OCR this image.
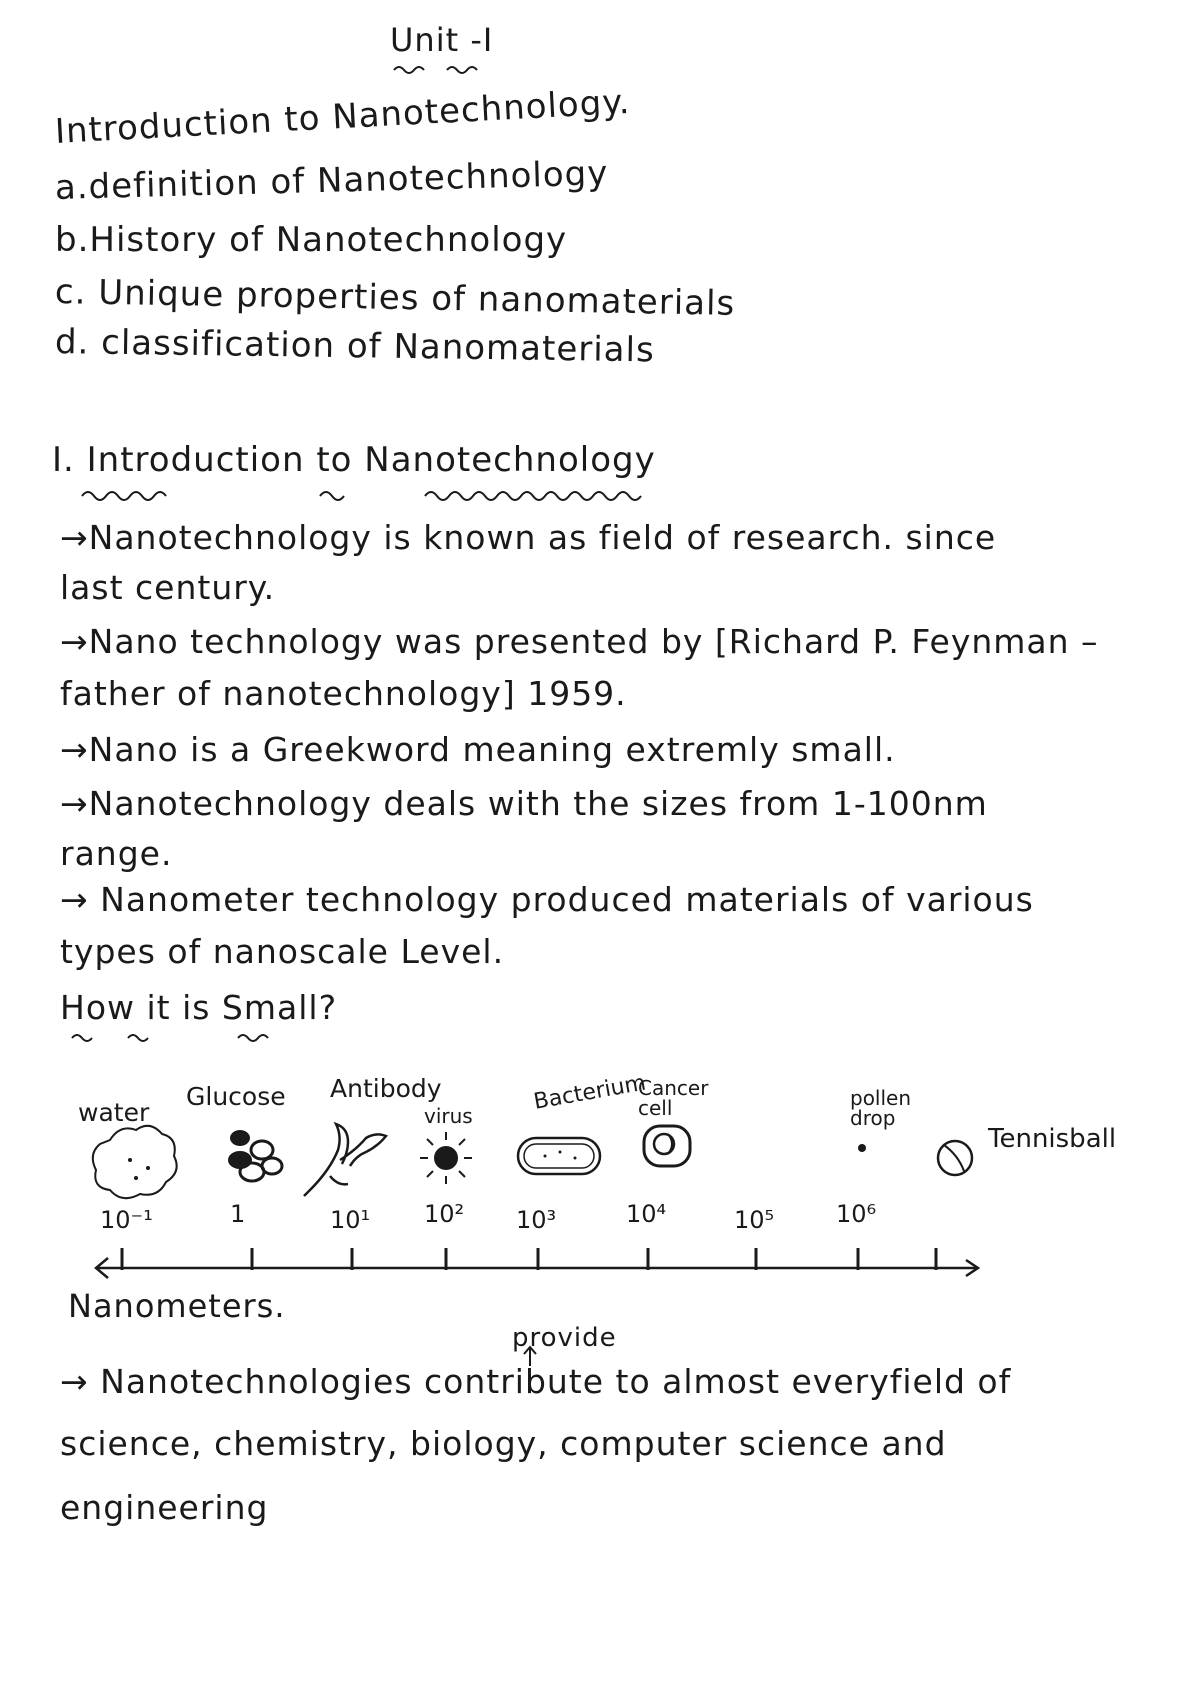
Unit -I
Introduction to Nanotechnology.
a.definition of Nanotechnology
b.History of Nanotechnology
c. Unique properties of nanomaterials
d. classification of Nanomaterials
I. Introduction to Nanotechnology
→Nanotechnology is known as field of research. since
last century.
→Nano technology was presented by [Richard P. Feynman –
father of nanotechnology] 1959.
→Nano is a Greekword meaning extremly small.
→Nanotechnology deals with the sizes from 1-100nm
range.
→ Nanometer technology produced materials of various
types of nanoscale Level.
How it is Small?
water
Glucose Antibody
virus
Bacterium
Cancer cell	pollen drop
Tennisball
10⁻¹	1	10¹ 10² 10³	10⁴	10⁵	10⁶
Nanometers.
provide
→ Nanotechnologies contribute to almost everyfield of
science, chemistry, biology, computer science and
engineering
